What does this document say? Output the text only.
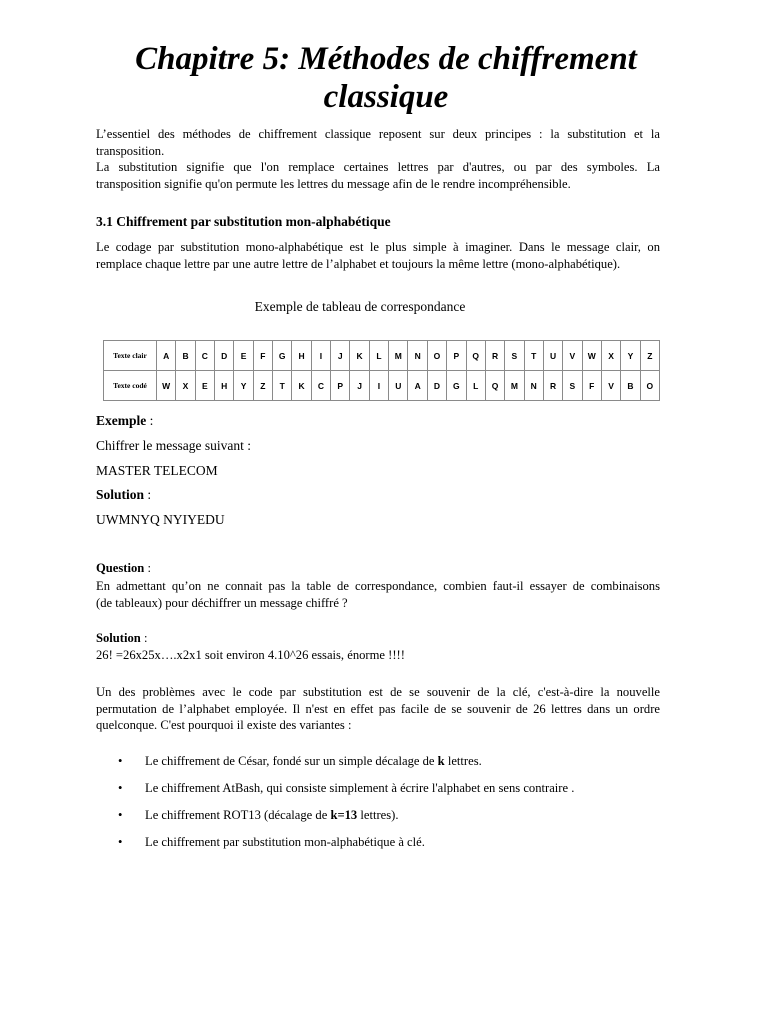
Chapitre 5: Méthodes de chiffrement classique

L’essentiel des méthodes de chiffrement classique reposent sur deux principes : la substitution et la
transposition.
La substitution signifie que l'on remplace certaines lettres par d'autres, ou par des symboles. La
transposition signifie qu'on permute les lettres du message afin de le rendre incompréhensible.

3.1 Chiffrement par substitution mon-alphabétique

Le codage par substitution mono-alphabétique est le plus simple à imaginer. Dans le message clair, on
remplace chaque lettre par une autre lettre de l’alphabet et toujours la même lettre (mono-alphabétique).

Exemple de tableau de correspondance
Texte clair	A	B	C	D	E	F	G	H	I	J	K	L	M	N	O	P	Q	R	S	T	U	V	W	X	Y	Z
Texte codé	W	X	E	H	Y	Z	T	K	C	P	J	I	U	A	D	G	L	Q	M	N	R	S	F	V	B	O
Exemple :
Chiffrer le message suivant :
MASTER TELECOM
Solution :
UWMNYQ NYIYEDU
Question :

En admettant qu’on ne connait pas la table de correspondance, combien faut-il essayer de combinaisons
(de tableaux) pour déchiffrer un message chiffré ?

Solution :
26! =26x25x….x2x1 soit environ 4.10^26 essais, énorme !!!!

Un des problèmes avec le code par substitution est de se souvenir de la clé, c'est-à-dire la nouvelle
permutation de l’alphabet employée. Il n'est en effet pas facile de se souvenir de 26 lettres dans un ordre
quelconque. C'est pourquoi il existe des variantes :

• Le chiffrement de César, fondé sur un simple décalage de k lettres.
• Le chiffrement AtBash, qui consiste simplement à écrire l'alphabet en sens contraire .
• Le chiffrement ROT13 (décalage de k=13 lettres).
• Le chiffrement par substitution mon-alphabétique à clé.
